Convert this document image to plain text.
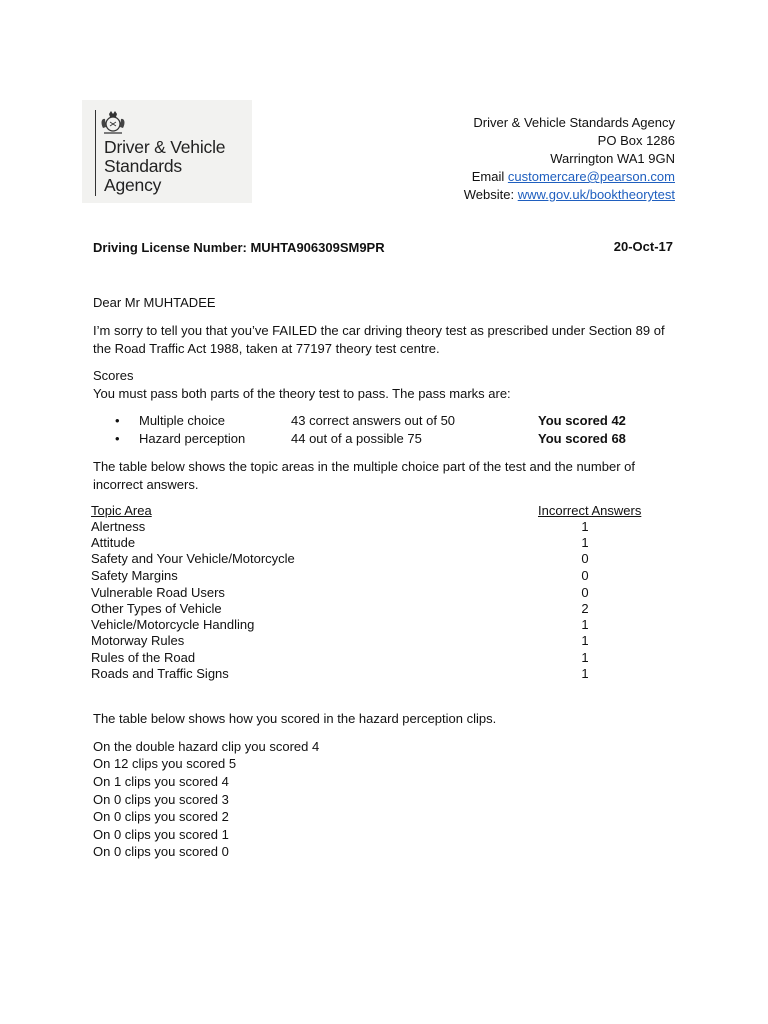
Driver & Vehicle
Standards
Agency
Driver & Vehicle Standards Agency
PO Box 1286
Warrington WA1 9GN
Email customercare@pearson.com
Website: www.gov.uk/booktheorytest
Driving License Number: MUHTA906309SM9PR	20-Oct-17
Dear Mr MUHTADEE
I’m sorry to tell you that you’ve FAILED the car driving theory test as prescribed under Section 89 of
the Road Traffic Act 1988, taken at 77197 theory test centre.
Scores
You must pass both parts of the theory test to pass. The pass marks are:
• Multiple choice	43 correct answers out of 50	You scored 42
• Hazard perception	44 out of a possible 75	You scored 68
The table below shows the topic areas in the multiple choice part of the test and the number of
incorrect answers.
Topic Area	Incorrect Answers
Alertness	1
Attitude	1
Safety and Your Vehicle/Motorcycle	0
Safety Margins	0
Vulnerable Road Users	0
Other Types of Vehicle	2
Vehicle/Motorcycle Handling	1
Motorway Rules	1
Rules of the Road	1
Roads and Traffic Signs	1
The table below shows how you scored in the hazard perception clips.
On the double hazard clip you scored 4
On 12 clips you scored 5
On 1 clips you scored 4
On 0 clips you scored 3
On 0 clips you scored 2
On 0 clips you scored 1
On 0 clips you scored 0
